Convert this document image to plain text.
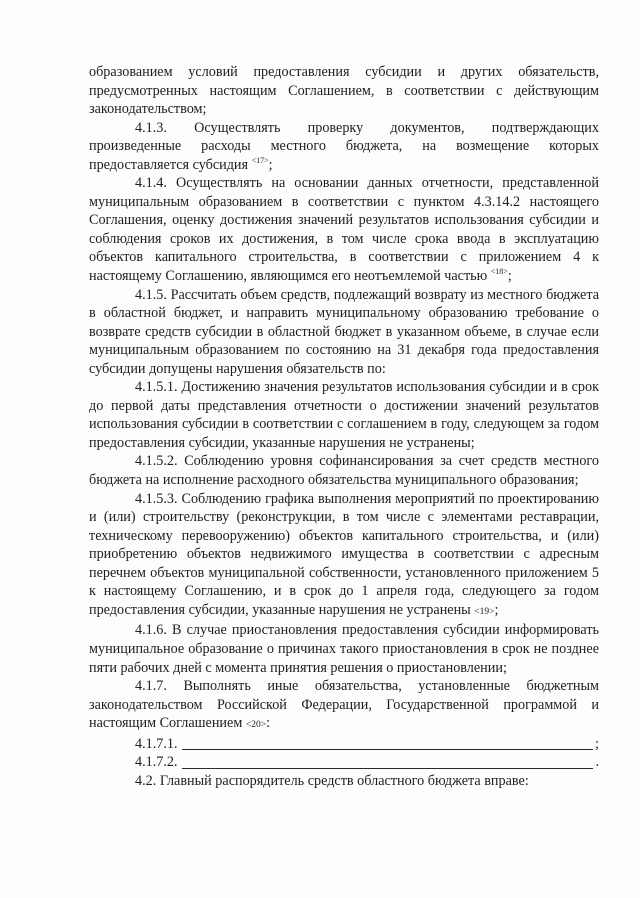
образованием условий предоставления субсидии и других обязательств, предусмотренных настоящим Соглашением, в соответствии с действующим законодательством;

4.1.3. Осуществлять проверку документов, подтверждающих произведенные расходы местного бюджета, на возмещение которых предоставляется субсидия $^{<17>}$;

4.1.4. Осуществлять на основании данных отчетности, представленной муниципальным образованием в соответствии с пунктом 4.3.14.2 настоящего Соглашения, оценку достижения значений результатов использования субсидии и соблюдения сроков их достижения, в том числе срока ввода в эксплуатацию объектов капитального строительства, в соответствии с приложением 4 к настоящему Соглашению, являющимся его неотъемлемой частью $^{<18>}$;

4.1.5. Рассчитать объем средств, подлежащий возврату из местного бюджета в областной бюджет, и направить муниципальному образованию требование о возврате средств субсидии в областной бюджет в указанном объеме, в случае если муниципальным образованием по состоянию на 31 декабря года предоставления субсидии допущены нарушения обязательств по:

4.1.5.1. Достижению значения результатов использования субсидии и в срок до первой даты представления отчетности о достижении значений результатов использования субсидии в соответствии с соглашением в году, следующем за годом предоставления субсидии, указанные нарушения не устранены;

4.1.5.2. Соблюдению уровня софинансирования за счет средств местного бюджета на исполнение расходного обязательства муниципального образования;

4.1.5.3. Соблюдению графика выполнения мероприятий по проектированию и (или) строительству (реконструкции, в том числе с элементами реставрации, техническому перевооружению) объектов капитального строительства, и (или) приобретению объектов недвижимого имущества в соответствии с адресным перечнем объектов муниципальной собственности, установленного приложением 5 к настоящему Соглашению, и в срок до 1 апреля года, следующего за годом предоставления субсидии, указанные нарушения не устранены <19>;

4.1.6. В случае приостановления предоставления субсидии информировать муниципальное образование о причинах такого приостановления в срок не позднее пяти рабочих дней с момента принятия решения о приостановлении;

4.1.7. Выполнять иные обязательства, установленные бюджетным законодательством Российской Федерации, Государственной программой и настоящим Соглашением <20>:

4.1.7.1.	;
4.1.7.2.	.

4.2. Главный распорядитель средств областного бюджета вправе:
